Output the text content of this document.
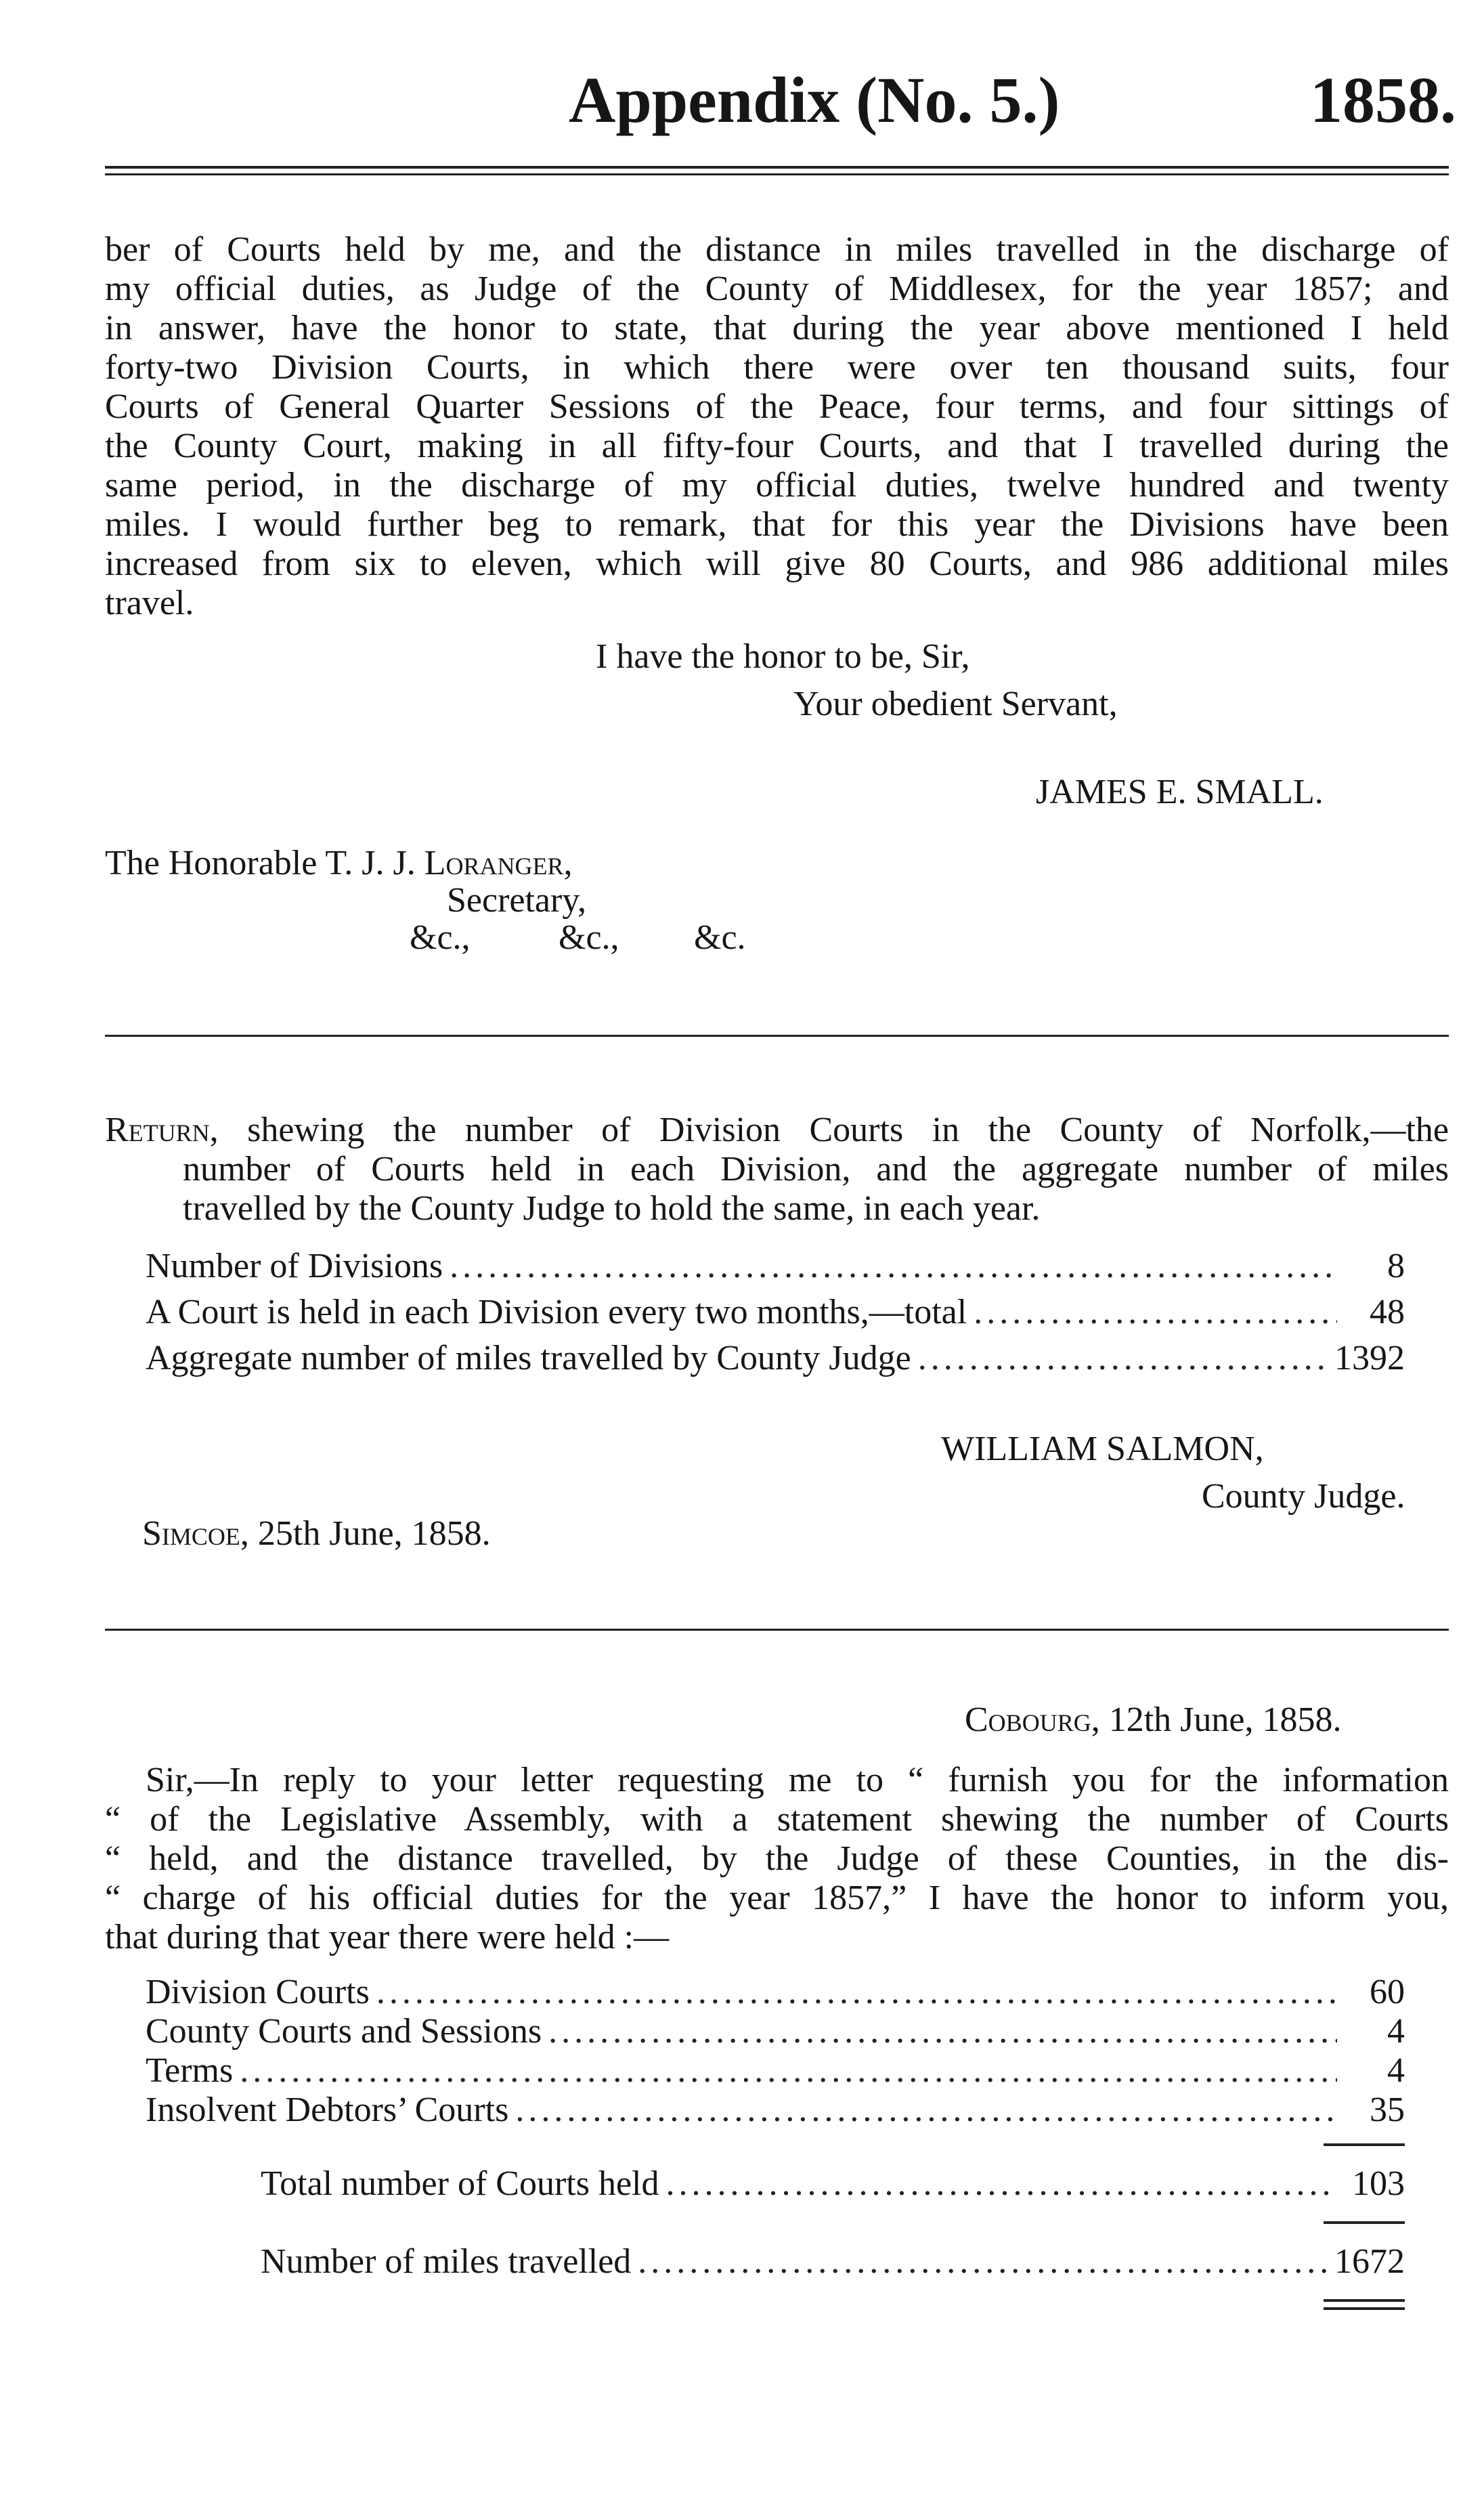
Appendix (No. 5.)	1858.
ber of Courts held by me, and the distance in miles travelled in the discharge of
my official duties, as Judge of the County of Middlesex, for the year 1857; and
in answer, have the honor to state, that during the year above mentioned I held
forty-two Division Courts, in which there were over ten thousand suits, four
Courts of General Quarter Sessions of the Peace, four terms, and four sittings of
the County Court, making in all fifty-four Courts, and that I travelled during the
same period, in the discharge of my official duties, twelve hundred and twenty
miles. I would further beg to remark, that for this year the Divisions have been
increased from six to eleven, which will give 80 Courts, and 986 additional miles
travel.
I have the honor to be, Sir,
Your obedient Servant,
JAMES E. SMALL.
The Honorable T. J. J. Loranger,
Secretary,
&c.,	&c., &c.
Return, shewing the number of Division Courts in the County of Norfolk,—the
number of Courts held in each Division, and the aggregate number of miles
travelled by the County Judge to hold the same, in each year.
Number of Divisions .....	8
A Court is held in each Division every two months,—total .....	48
Aggregate number of miles travelled by County Judge .....	1392
WILLIAM SALMON,
County Judge.
Simcoe, 25th June, 1858.
Cobourg, 12th June, 1858.
Sir,—In reply to your letter requesting me to “ furnish you for the information
“ of the Legislative Assembly, with a statement shewing the number of Courts
“ held, and the distance travelled, by the Judge of these Counties, in the dis-
“ charge of his official duties for the year 1857,” I have the honor to inform you,
that during that year there were held :—
Division Courts .....	60
County Courts and Sessions .....	4
Terms .....	4
Insolvent Debtors’ Courts .....	35
Total number of Courts held .....	103
Number of miles travelled .....	1672
